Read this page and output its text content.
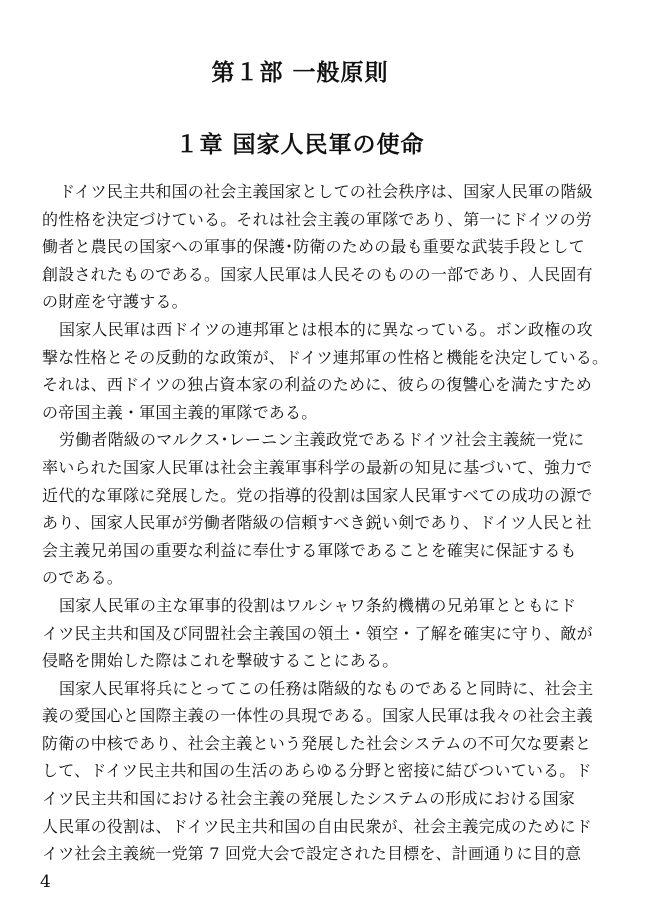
第１部 一般原則
１章 国家人民軍の使命
ドイツ民主共和国の社会主義国家としての社会秩序は、国家人民軍の階級
的性格を決定づけている。それは社会主義の軍隊であり、第一にドイツの労
働者と農民の国家への軍事的保護･防衛のための最も重要な武装手段として
創設されたものである。国家人民軍は人民そのものの一部であり、人民固有
の財産を守護する。
国家人民軍は西ドイツの連邦軍とは根本的に異なっている。ボン政権の攻
撃な性格とその反動的な政策が、ドイツ連邦軍の性格と機能を決定している。
それは、西ドイツの独占資本家の利益のために、彼らの復讐心を満たすため
の帝国主義・軍国主義的軍隊である。
労働者階級のマルクス･レーニン主義政党であるドイツ社会主義統一党に
率いられた国家人民軍は社会主義軍事科学の最新の知見に基づいて、強力で
近代的な軍隊に発展した。党の指導的役割は国家人民軍すべての成功の源で
あり、国家人民軍が労働者階級の信頼すべき鋭い剣であり、ドイツ人民と社
会主義兄弟国の重要な利益に奉仕する軍隊であることを確実に保証するも
のである。
国家人民軍の主な軍事的役割はワルシャワ条約機構の兄弟軍とともにド
イツ民主共和国及び同盟社会主義国の領土・領空・了解を確実に守り、敵が
侵略を開始した際はこれを撃破することにある。
国家人民軍将兵にとってこの任務は階級的なものであると同時に、社会主
義の愛国心と国際主義の一体性の具現である。国家人民軍は我々の社会主義
防衛の中核であり、社会主義という発展した社会システムの不可欠な要素と
して、ドイツ民主共和国の生活のあらゆる分野と密接に結びついている。ド
イツ民主共和国における社会主義の発展したシステムの形成における国家
人民軍の役割は、ドイツ民主共和国の自由民衆が、社会主義完成のためにド
イツ社会主義統一党第 7 回党大会で設定された目標を、計画通りに目的意
4
